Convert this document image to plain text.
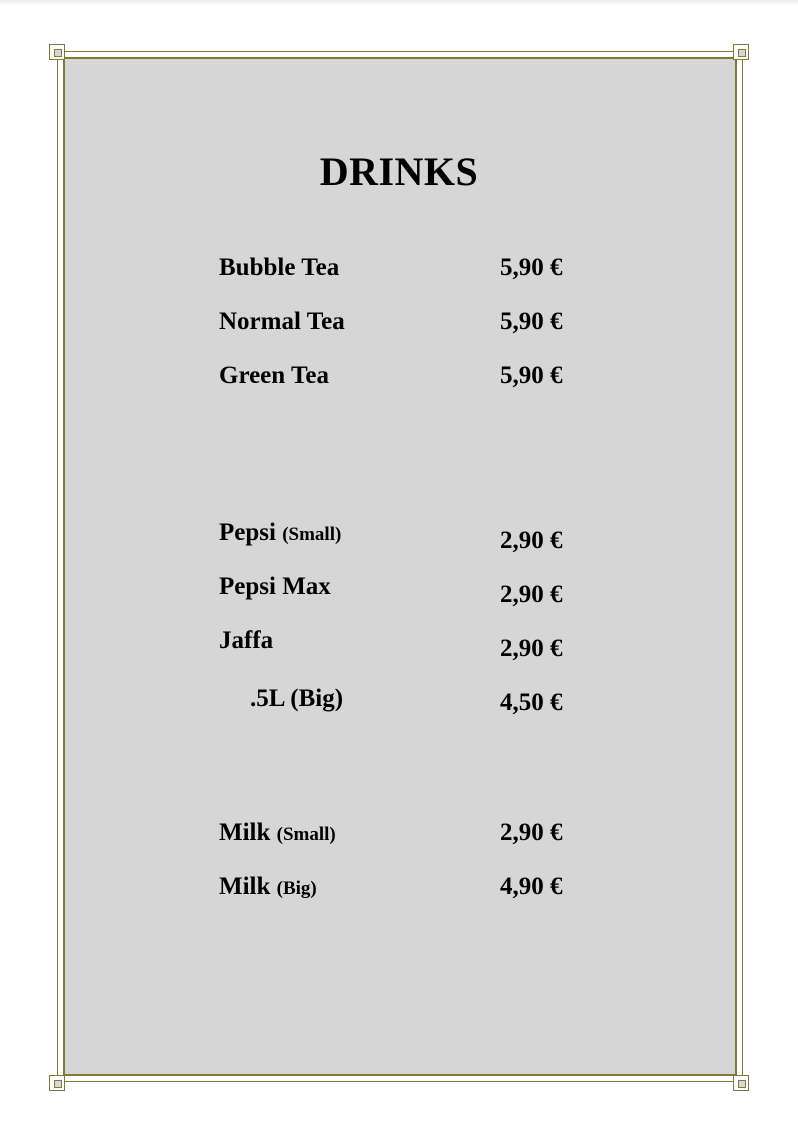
DRINKS
Bubble Tea	5,90 €
Normal Tea	5,90 €
Green Tea	5,90 €
Pepsi (Small)	2,90 €
Pepsi Max	2,90 €
Jaffa	2,90 €
.5L (Big)	4,50 €
Milk (Small)	2,90 €
Milk (Big)	4,90 €
